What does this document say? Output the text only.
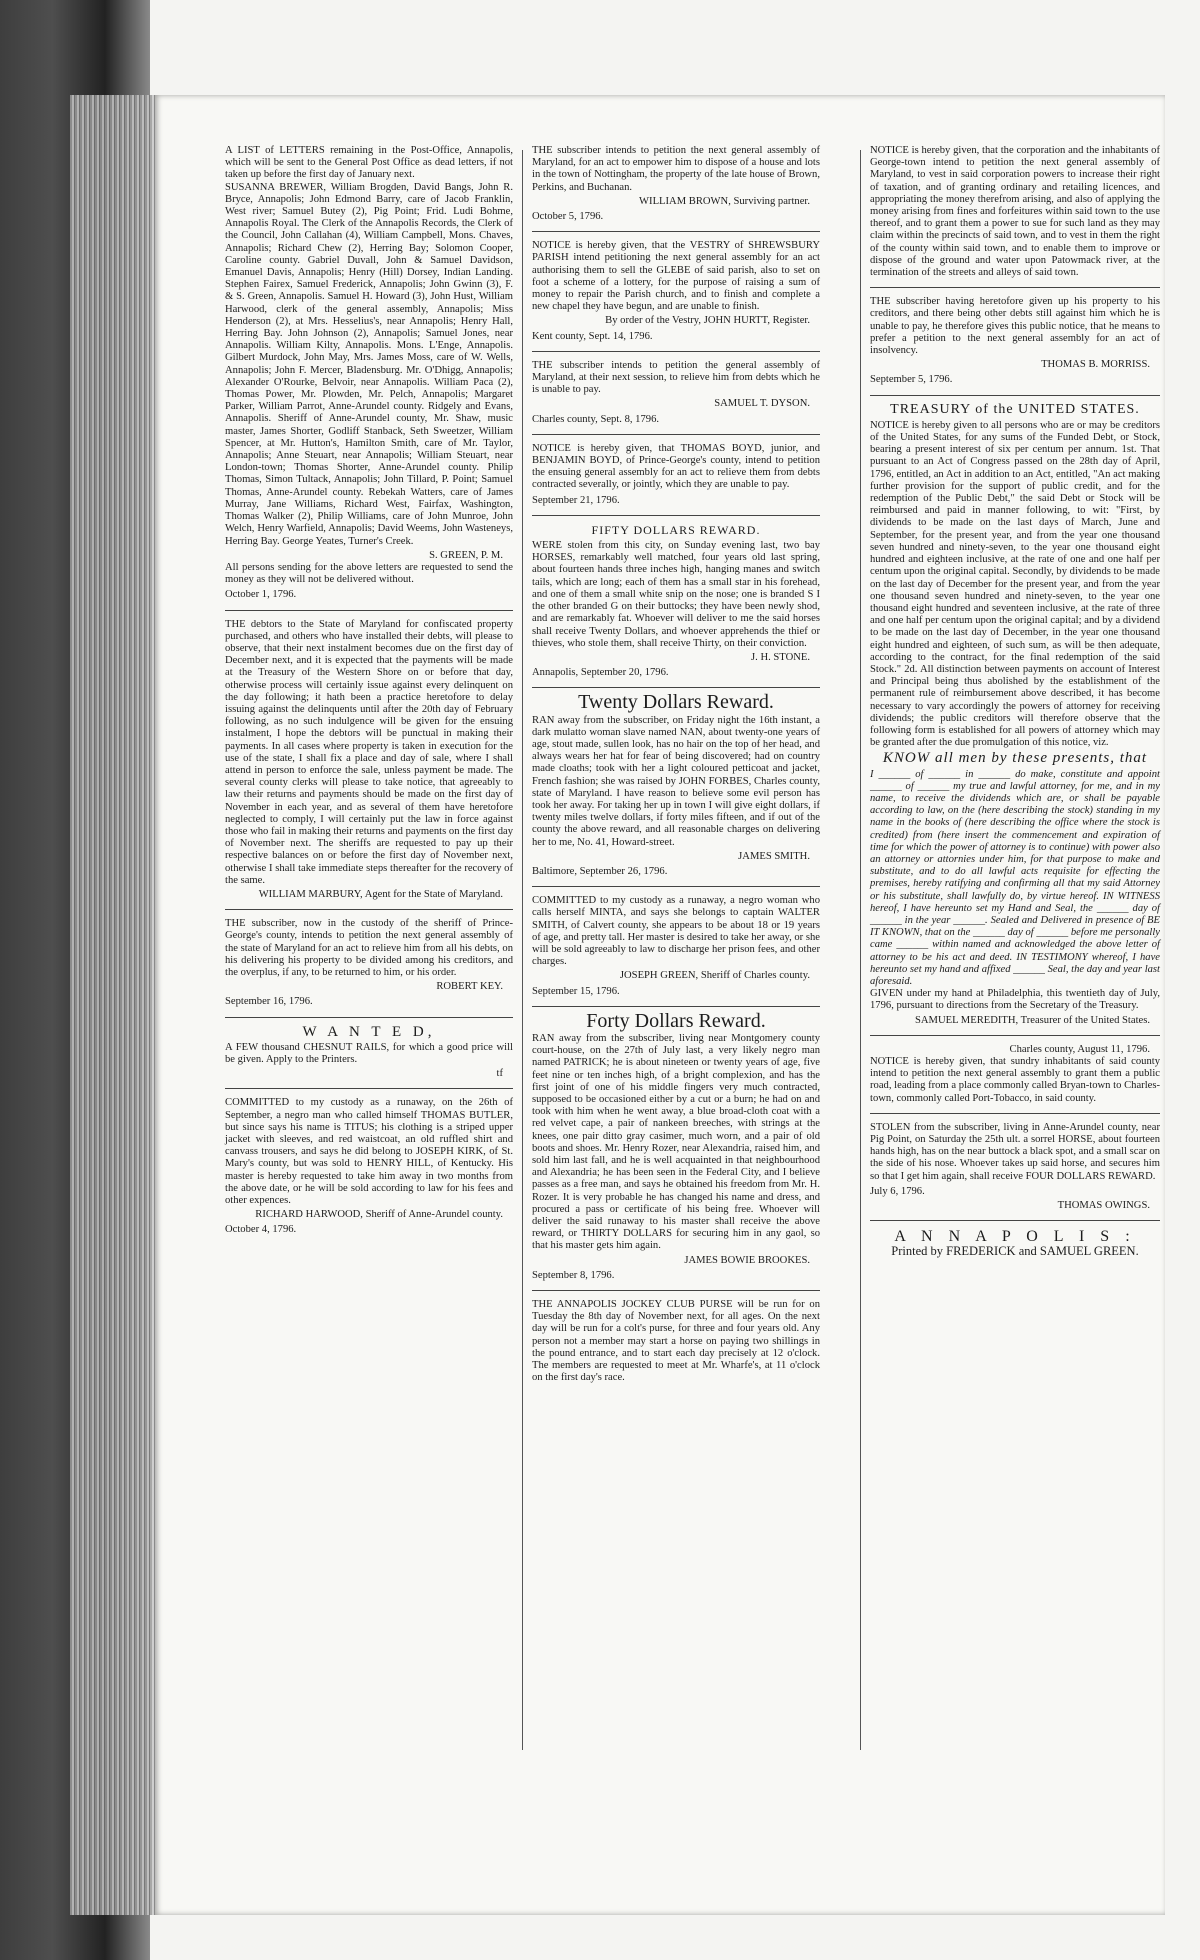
A LIST of LETTERS remaining in the Post-Office, Annapolis, which will be sent to the General Post Office as dead letters, if not taken up before the first day of January next.

SUSANNA BREWER, William Brogden, David Bangs, John R. Bryce, Annapolis; John Edmond Barry, care of Jacob Franklin, West river; Samuel Butey (2), Pig Point; Frid. Ludi Bohme, Annapolis Royal. The Clerk of the Annapolis Records, the Clerk of the Council, John Callahan (4), William Campbell, Mons. Chaves, Annapolis; Richard Chew (2), Herring Bay; Solomon Cooper, Caroline county. Gabriel Duvall, John & Samuel Davidson, Emanuel Davis, Annapolis; Henry (Hill) Dorsey, Indian Landing. Stephen Fairex, Samuel Frederick, Annapolis; John Gwinn (3), F. & S. Green, Annapolis. Samuel H. Howard (3), John Hust, William Harwood, clerk of the general assembly, Annapolis; Miss Henderson (2), at Mrs. Hesselius's, near Annapolis; Henry Hall, Herring Bay. John Johnson (2), Annapolis; Samuel Jones, near Annapolis. William Kilty, Annapolis. Mons. L'Enge, Annapolis. Gilbert Murdock, John May, Mrs. James Moss, care of W. Wells, Annapolis; John F. Mercer, Bladensburg. Mr. O'Dhigg, Annapolis; Alexander O'Rourke, Belvoir, near Annapolis. William Paca (2), Thomas Power, Mr. Plowden, Mr. Pelch, Annapolis; Margaret Parker, William Parrot, Anne-Arundel county. Ridgely and Evans, Annapolis. Sheriff of Anne-Arundel county, Mr. Shaw, music master, James Shorter, Godliff Stanback, Seth Sweetzer, William Spencer, at Mr. Hutton's, Hamilton Smith, care of Mr. Taylor, Annapolis; Anne Steuart, near Annapolis; William Steuart, near London-town; Thomas Shorter, Anne-Arundel county. Philip Thomas, Simon Tultack, Annapolis; John Tillard, P. Point; Samuel Thomas, Anne-Arundel county. Rebekah Watters, care of James Murray, Jane Williams, Richard West, Fairfax, Washington, Thomas Walker (2), Philip Williams, care of John Munroe, John Welch, Henry Warfield, Annapolis; David Weems, John Wasteneys, Herring Bay. George Yeates, Turner's Creek.

S. GREEN, P. M.

All persons sending for the above letters are requested to send the money as they will not be delivered without.

October 1, 1796.

THE debtors to the State of Maryland for confiscated property purchased, and others who have installed their debts, will please to observe, that their next instalment becomes due on the first day of December next, and it is expected that the payments will be made at the Treasury of the Western Shore on or before that day, otherwise process will certainly issue against every delinquent on the day following; it hath been a practice heretofore to delay issuing against the delinquents until after the 20th day of February following, as no such indulgence will be given for the ensuing instalment, I hope the debtors will be punctual in making their payments. In all cases where property is taken in execution for the use of the state, I shall fix a place and day of sale, where I shall attend in person to enforce the sale, unless payment be made. The several county clerks will please to take notice, that agreeably to law their returns and payments should be made on the first day of November in each year, and as several of them have heretofore neglected to comply, I will certainly put the law in force against those who fail in making their returns and payments on the first day of November next. The sheriffs are requested to pay up their respective balances on or before the first day of November next, otherwise I shall take immediate steps thereafter for the recovery of the same.

WILLIAM MARBURY, Agent for the State of Maryland.

THE subscriber, now in the custody of the sheriff of Prince-George's county, intends to petition the next general assembly of the state of Maryland for an act to relieve him from all his debts, on his delivering his property to be divided among his creditors, and the overplus, if any, to be returned to him, or his order.

ROBERT KEY.
September 16, 1796.
W A N T E D,

A FEW thousand CHESNUT RAILS, for which a good price will be given. Apply to the Printers.

tf

COMMITTED to my custody as a runaway, on the 26th of September, a negro man who called himself THOMAS BUTLER, but since says his name is TITUS; his clothing is a striped upper jacket with sleeves, and red waistcoat, an old ruffled shirt and canvass trousers, and says he did belong to JOSEPH KIRK, of St. Mary's county, but was sold to HENRY HILL, of Kentucky. His master is hereby requested to take him away in two months from the above date, or he will be sold according to law for his fees and other expences.

RICHARD HARWOOD, Sheriff of Anne-Arundel county.
October 4, 1796.

THE subscriber intends to petition the next general assembly of Maryland, for an act to empower him to dispose of a house and lots in the town of Nottingham, the property of the late house of Brown, Perkins, and Buchanan.

WILLIAM BROWN, Surviving partner.
October 5, 1796.

NOTICE is hereby given, that the VESTRY of SHREWSBURY PARISH intend petitioning the next general assembly for an act authorising them to sell the GLEBE of said parish, also to set on foot a scheme of a lottery, for the purpose of raising a sum of money to repair the Parish church, and to finish and complete a new chapel they have begun, and are unable to finish.

By order of the Vestry, JOHN HURTT, Register.
Kent county, Sept. 14, 1796.

THE subscriber intends to petition the general assembly of Maryland, at their next session, to relieve him from debts which he is unable to pay.

SAMUEL T. DYSON.
Charles county, Sept. 8, 1796.

NOTICE is hereby given, that THOMAS BOYD, junior, and BENJAMIN BOYD, of Prince-George's county, intend to petition the ensuing general assembly for an act to relieve them from debts contracted severally, or jointly, which they are unable to pay.

September 21, 1796.
FIFTY DOLLARS REWARD.

WERE stolen from this city, on Sunday evening last, two bay HORSES, remarkably well matched, four years old last spring, about fourteen hands three inches high, hanging manes and switch tails, which are long; each of them has a small star in his forehead, and one of them a small white snip on the nose; one is branded S I the other branded G on their buttocks; they have been newly shod, and are remarkably fat. Whoever will deliver to me the said horses shall receive Twenty Dollars, and whoever apprehends the thief or thieves, who stole them, shall receive Thirty, on their conviction.

J. H. STONE.
Annapolis, September 20, 1796.
Twenty Dollars Reward.

RAN away from the subscriber, on Friday night the 16th instant, a dark mulatto woman slave named NAN, about twenty-one years of age, stout made, sullen look, has no hair on the top of her head, and always wears her hat for fear of being discovered; had on country made cloaths; took with her a light coloured petticoat and jacket, French fashion; she was raised by JOHN FORBES, Charles county, state of Maryland. I have reason to believe some evil person has took her away. For taking her up in town I will give eight dollars, if twenty miles twelve dollars, if forty miles fifteen, and if out of the county the above reward, and all reasonable charges on delivering her to me, No. 41, Howard-street.

JAMES SMITH.
Baltimore, September 26, 1796.

COMMITTED to my custody as a runaway, a negro woman who calls herself MINTA, and says she belongs to captain WALTER SMITH, of Calvert county, she appears to be about 18 or 19 years of age, and pretty tall. Her master is desired to take her away, or she will be sold agreeably to law to discharge her prison fees, and other charges.

JOSEPH GREEN, Sheriff of Charles county.
September 15, 1796.
Forty Dollars Reward.

RAN away from the subscriber, living near Montgomery county court-house, on the 27th of July last, a very likely negro man named PATRICK; he is about nineteen or twenty years of age, five feet nine or ten inches high, of a bright complexion, and has the first joint of one of his middle fingers very much contracted, supposed to be occasioned either by a cut or a burn; he had on and took with him when he went away, a blue broad-cloth coat with a red velvet cape, a pair of nankeen breeches, with strings at the knees, one pair ditto gray casimer, much worn, and a pair of old boots and shoes. Mr. Henry Rozer, near Alexandria, raised him, and sold him last fall, and he is well acquainted in that neighbourhood and Alexandria; he has been seen in the Federal City, and I believe passes as a free man, and says he obtained his freedom from Mr. H. Rozer. It is very probable he has changed his name and dress, and procured a pass or certificate of his being free. Whoever will deliver the said runaway to his master shall receive the above reward, or THIRTY DOLLARS for securing him in any gaol, so that his master gets him again.

JAMES BOWIE BROOKES.
September 8, 1796.

THE ANNAPOLIS JOCKEY CLUB PURSE will be run for on Tuesday the 8th day of November next, for all ages. On the next day will be run for a colt's purse, for three and four years old. Any person not a member may start a horse on paying two shillings in the pound entrance, and to start each day precisely at 12 o'clock. The members are requested to meet at Mr. Wharfe's, at 11 o'clock on the first day's race.

NOTICE is hereby given, that the corporation and the inhabitants of George-town intend to petition the next general assembly of Maryland, to vest in said corporation powers to increase their right of taxation, and of granting ordinary and retailing licences, and appropriating the money therefrom arising, and also of applying the money arising from fines and forfeitures within said town to the use thereof, and to grant them a power to sue for such land as they may claim within the precincts of said town, and to vest in them the right of the county within said town, and to enable them to improve or dispose of the ground and water upon Patowmack river, at the termination of the streets and alleys of said town.

THE subscriber having heretofore given up his property to his creditors, and there being other debts still against him which he is unable to pay, he therefore gives this public notice, that he means to prefer a petition to the next general assembly for an act of insolvency.

THOMAS B. MORRISS.
September 5, 1796.
TREASURY of the UNITED STATES.

NOTICE is hereby given to all persons who are or may be creditors of the United States, for any sums of the Funded Debt, or Stock, bearing a present interest of six per centum per annum. 1st. That pursuant to an Act of Congress passed on the 28th day of April, 1796, entitled, an Act in addition to an Act, entitled, "An act making further provision for the support of public credit, and for the redemption of the Public Debt," the said Debt or Stock will be reimbursed and paid in manner following, to wit: "First, by dividends to be made on the last days of March, June and September, for the present year, and from the year one thousand seven hundred and ninety-seven, to the year one thousand eight hundred and eighteen inclusive, at the rate of one and one half per centum upon the original capital. Secondly, by dividends to be made on the last day of December for the present year, and from the year one thousand seven hundred and ninety-seven, to the year one thousand eight hundred and seventeen inclusive, at the rate of three and one half per centum upon the original capital; and by a dividend to be made on the last day of December, in the year one thousand eight hundred and eighteen, of such sum, as will be then adequate, according to the contract, for the final redemption of the said Stock." 2d. All distinction between payments on account of Interest and Principal being thus abolished by the establishment of the permanent rule of reimbursement above described, it has become necessary to vary accordingly the powers of attorney for receiving dividends; the public creditors will therefore observe that the following form is established for all powers of attorney which may be granted after the due promulgation of this notice, viz.

KNOW all men by these presents, that

I ______ of ______ in ______ do make, constitute and appoint ______ of ______ my true and lawful attorney, for me, and in my name, to receive the dividends which are, or shall be payable according to law, on the (here describing the stock) standing in my name in the books of (here describing the office where the stock is credited) from (here insert the commencement and expiration of time for which the power of attorney is to continue) with power also an attorney or attornies under him, for that purpose to make and substitute, and to do all lawful acts requisite for effecting the premises, hereby ratifying and confirming all that my said Attorney or his substitute, shall lawfully do, by virtue hereof. IN WITNESS hereof, I have hereunto set my Hand and Seal, the ______ day of ______ in the year ______. Sealed and Delivered in presence of BE IT KNOWN, that on the ______ day of ______ before me personally came ______ within named and acknowledged the above letter of attorney to be his act and deed. IN TESTIMONY whereof, I have hereunto set my hand and affixed ______ Seal, the day and year last aforesaid.

GIVEN under my hand at Philadelphia, this twentieth day of July, 1796, pursuant to directions from the Secretary of the Treasury.

SAMUEL MEREDITH, Treasurer of the United States.
Charles county, August 11, 1796.

NOTICE is hereby given, that sundry inhabitants of said county intend to petition the next general assembly to grant them a public road, leading from a place commonly called Bryan-town to Charles-town, commonly called Port-Tobacco, in said county.

STOLEN from the subscriber, living in Anne-Arundel county, near Pig Point, on Saturday the 25th ult. a sorrel HORSE, about fourteen hands high, has on the near buttock a black spot, and a small scar on the side of his nose. Whoever takes up said horse, and secures him so that I get him again, shall receive FOUR DOLLARS REWARD.

July 6, 1796.
THOMAS OWINGS.
A N N A P O L I S :
Printed by FREDERICK and SAMUEL GREEN.
